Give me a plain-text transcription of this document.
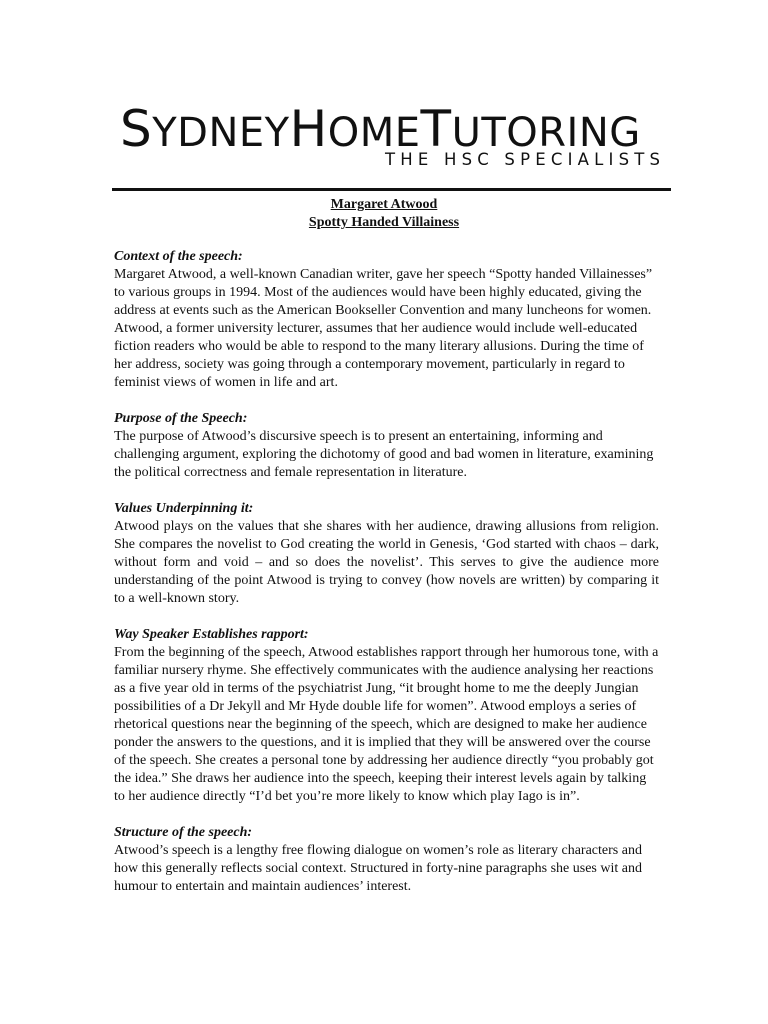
SYDNEYHOMETUTORING
THE HSC SPECIALISTS
Margaret Atwood
Spotty Handed Villainess
Context of the speech:

Margaret Atwood, a well-known Canadian writer, gave her speech “Spotty handed Villainesses” to various groups in 1994. Most of the audiences would have been highly educated, giving the address at events such as the American Bookseller Convention and many luncheons for women. Atwood, a former university lecturer, assumes that her audience would include well-educated fiction readers who would be able to respond to the many literary allusions. During the time of her address, society was going through a contemporary movement, particularly in regard to feminist views of women in life and art.

Purpose of the Speech:

The purpose of Atwood’s discursive speech is to present an entertaining, informing and challenging argument, exploring the dichotomy of good and bad women in literature, examining the political correctness and female representation in literature.

Values Underpinning it:

Atwood plays on the values that she shares with her audience, drawing allusions from religion. She compares the novelist to God creating the world in Genesis, ‘God started with chaos – dark, without form and void – and so does the novelist’. This serves to give the audience more understanding of the point Atwood is trying to convey (how novels are written) by comparing it to a well-known story.

Way Speaker Establishes rapport:

From the beginning of the speech, Atwood establishes rapport through her humorous tone, with a familiar nursery rhyme. She effectively communicates with the audience analysing her reactions as a five year old in terms of the psychiatrist Jung, “it brought home to me the deeply Jungian possibilities of a Dr Jekyll and Mr Hyde double life for women”. Atwood employs a series of rhetorical questions near the beginning of the speech, which are designed to make her audience ponder the answers to the questions, and it is implied that they will be answered over the course of the speech. She creates a personal tone by addressing her audience directly “you probably got the idea.” She draws her audience into the speech, keeping their interest levels again by talking to her audience directly “I’d bet you’re more likely to know which play Iago is in”.

Structure of the speech:

Atwood’s speech is a lengthy free flowing dialogue on women’s role as literary characters and how this generally reflects social context. Structured in forty-nine paragraphs she uses wit and humour to entertain and maintain audiences’ interest.
